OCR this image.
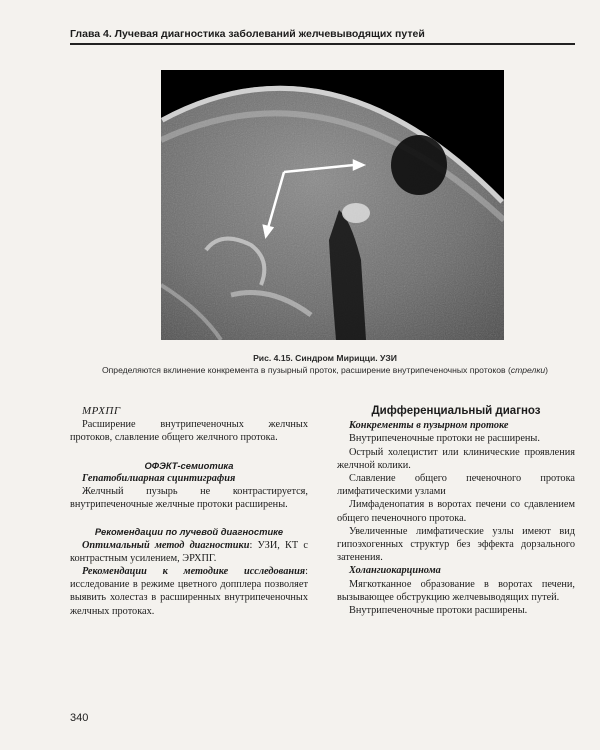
Глава 4. Лучевая диагностика заболеваний желчевыводящих путей
Рис. 4.15. Синдром Мирицци. УЗИ
Определяются вклинение конкремента в пузырный проток, расширение внутрипеченочных протоков (стрелки)
МРХПГ

Расширение внутрипеченочных желчных протоков, славление общего желчного протока.

ОФЭКТ-семиотика
Гепатобилиарная сцинтиграфия

Желчный пузырь не контрастируется, внутрипеченочные желчные протоки расширены.

Рекомендации по лучевой диагностике

Оптимальный метод диагностики: УЗИ, КТ с контрастным усилением, ЭРХПГ.

Рекомендации к методике исследования: исследование в режиме цветного допплера позволяет выявить холестаз в расширенных внутрипеченочных желчных протоках.

Дифференциальный диагноз
Конкременты в пузырном протоке

Внутрипеченочные протоки не расширены.

Острый холецистит или клинические проявления желчной колики.

Славление общего печеночного протока лимфатическими узлами

Лимфаденопатия в воротах печени со сдавлением общего печеночного протока.

Увеличенные лимфатические узлы имеют вид гипоэхогенных структур без эффекта дорзального затенения.

Холангиокарцинома

Мягкотканное образование в воротах печени, вызывающее обструкцию желчевыводящих путей.

Внутрипеченочные протоки расширены.

340
